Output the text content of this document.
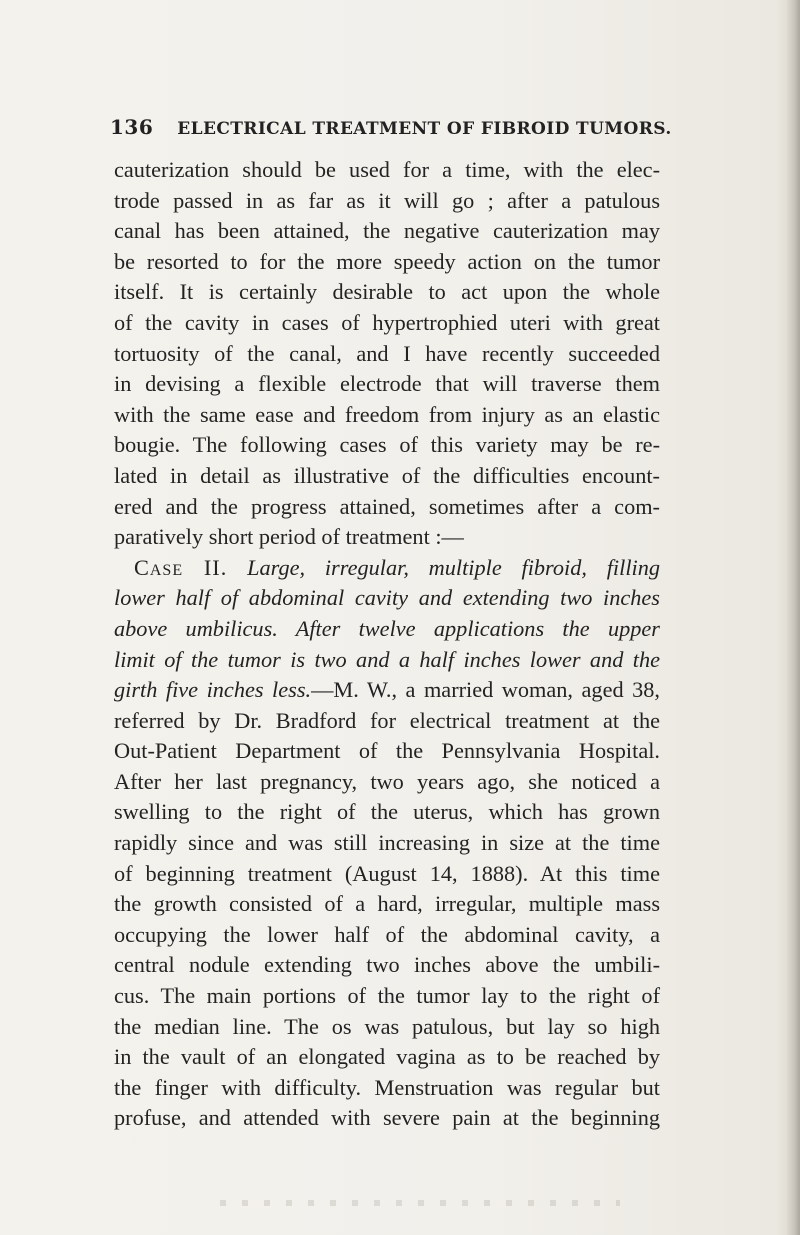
136 ELECTRICAL TREATMENT OF FIBROID TUMORS.
cauterization should be used for a time, with the elec-
trode passed in as far as it will go ; after a patulous
canal has been attained, the negative cauterization may
be resorted to for the more speedy action on the tumor
itself. It is certainly desirable to act upon the whole
of the cavity in cases of hypertrophied uteri with great
tortuosity of the canal, and I have recently succeeded
in devising a flexible electrode that will traverse them
with the same ease and freedom from injury as an elastic
bougie. The following cases of this variety may be re-
lated in detail as illustrative of the difficulties encount-
ered and the progress attained, sometimes after a com-
paratively short period of treatment :—
Case II. Large, irregular, multiple fibroid, filling
lower half of abdominal cavity and extending two inches
above umbilicus. After twelve applications the upper
limit of the tumor is two and a half inches lower and the
girth five inches less.—M. W., a married woman, aged 38,
referred by Dr. Bradford for electrical treatment at the
Out-Patient Department of the Pennsylvania Hospital.
After her last pregnancy, two years ago, she noticed a
swelling to the right of the uterus, which has grown
rapidly since and was still increasing in size at the time
of beginning treatment (August 14, 1888). At this time
the growth consisted of a hard, irregular, multiple mass
occupying the lower half of the abdominal cavity, a
central nodule extending two inches above the umbili-
cus. The main portions of the tumor lay to the right of
the median line. The os was patulous, but lay so high
in the vault of an elongated vagina as to be reached by
the finger with difficulty. Menstruation was regular but
profuse, and attended with severe pain at the beginning
